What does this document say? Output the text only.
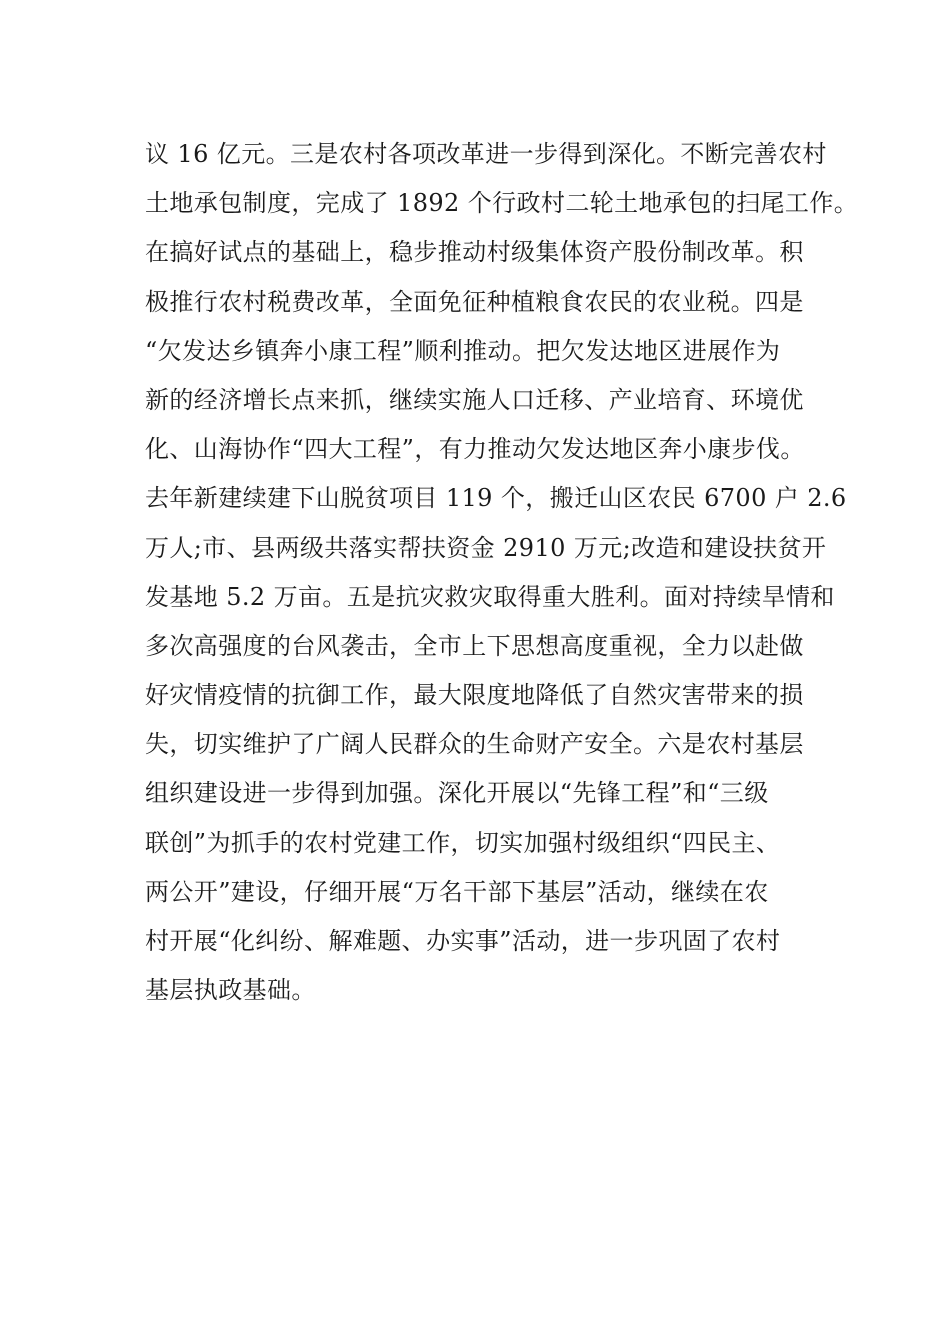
议 16 亿元。三是农村各项改革进一步得到深化。不断完善农村
土地承包制度，完成了 1892 个行政村二轮土地承包的扫尾工作。
在搞好试点的基础上，稳步推动村级集体资产股份制改革。积
极推行农村税费改革，全面免征种植粮食农民的农业税。四是
“欠发达乡镇奔小康工程”顺利推动。把欠发达地区进展作为
新的经济增长点来抓，继续实施人口迁移、产业培育、环境优
化、山海协作“四大工程”，有力推动欠发达地区奔小康步伐。
去年新建续建下山脱贫项目 119 个，搬迁山区农民 6700 户 2.6
万人;市、县两级共落实帮扶资金 2910 万元;改造和建设扶贫开
发基地 5.2 万亩。五是抗灾救灾取得重大胜利。面对持续旱情和
多次高强度的台风袭击，全市上下思想高度重视，全力以赴做
好灾情疫情的抗御工作，最大限度地降低了自然灾害带来的损
失，切实维护了广阔人民群众的生命财产安全。六是农村基层
组织建设进一步得到加强。深化开展以“先锋工程”和“三级
联创”为抓手的农村党建工作，切实加强村级组织“四民主、
两公开”建设，仔细开展“万名干部下基层”活动，继续在农
村开展“化纠纷、解难题、办实事”活动，进一步巩固了农村
基层执政基础。
